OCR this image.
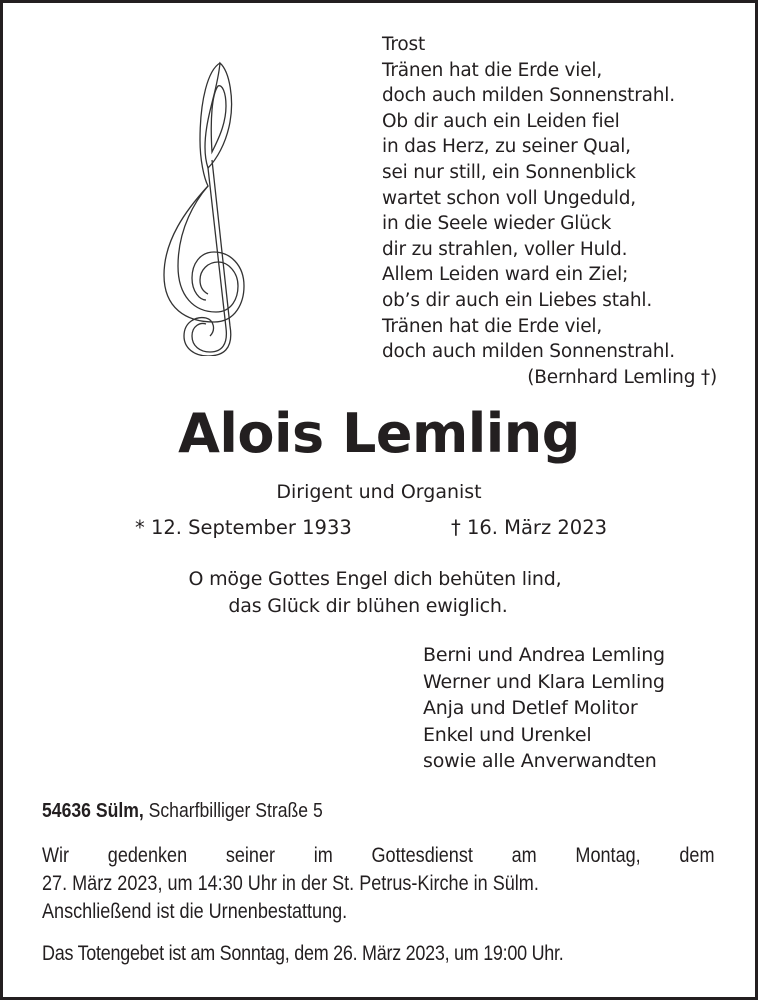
Trost
Tränen hat die Erde viel,
doch auch milden Sonnenstrahl.
Ob dir auch ein Leiden fiel
in das Herz, zu seiner Qual,
sei nur still, ein Sonnenblick
wartet schon voll Ungeduld,
in die Seele wieder Glück
dir zu strahlen, voller Huld.
Allem Leiden ward ein Ziel;
ob’s dir auch ein Liebes stahl.
Tränen hat die Erde viel,
doch auch milden Sonnenstrahl.
(Bernhard Lemling †)
Alois Lemling
Dirigent und Organist
* 12. September 1933	† 16. März 2023
O möge Gottes Engel dich behüten lind,
das Glück dir blühen ewiglich.
Berni und Andrea Lemling
Werner und Klara Lemling
Anja und Detlef Molitor
Enkel und Urenkel
sowie alle Anverwandten
54636 Sülm, Scharfbilliger Straße 5
Wir gedenken seiner im Gottesdienst am Montag, dem
27. März 2023, um 14:30 Uhr in der St. Petrus-Kirche in Sülm.
Anschließend ist die Urnenbestattung.
Das Totengebet ist am Sonntag, dem 26. März 2023, um 19:00 Uhr.
